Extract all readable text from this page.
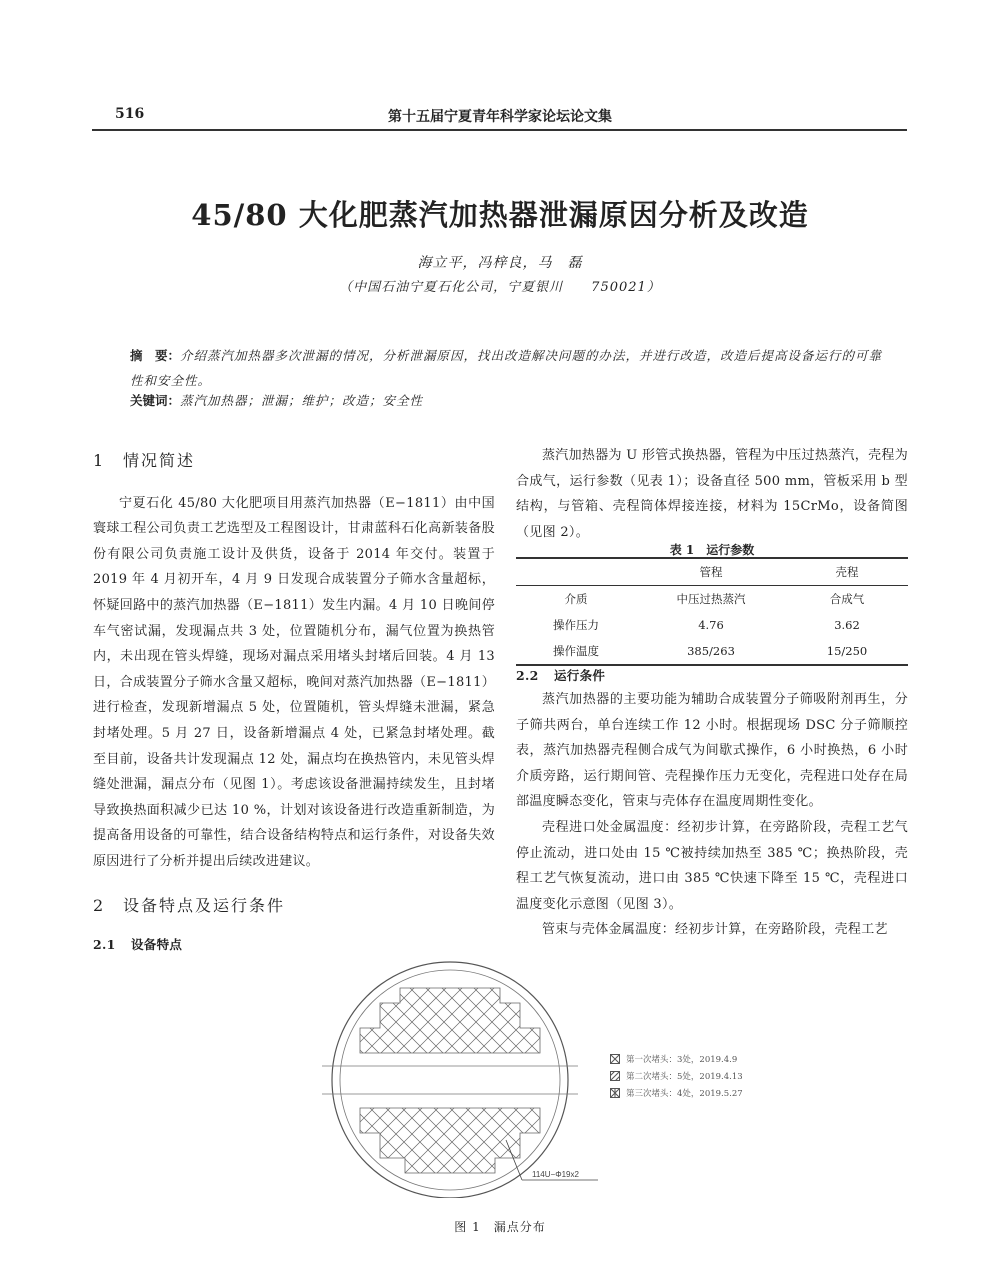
516	第十五届宁夏青年科学家论坛论文集
45/80 大化肥蒸汽加热器泄漏原因分析及改造
海立平，冯梓良，马　磊
（中国石油宁夏石化公司，宁夏银川　　750021）
摘　要：介绍蒸汽加热器多次泄漏的情况，分析泄漏原因，找出改造解决问题的办法，并进行改造，改造后提高设备运行的可靠性和安全性。
关键词：蒸汽加热器；泄漏；维护；改造；安全性
1 情况简述

宁夏石化 45/80 大化肥项目用蒸汽加热器（E−1811）由中国寰球工程公司负责工艺选型及工程图设计，甘肃蓝科石化高新装备股份有限公司负责施工设计及供货，设备于 2014 年交付。装置于 2019 年 4 月初开车，4 月 9 日发现合成装置分子筛水含量超标，怀疑回路中的蒸汽加热器（E−1811）发生内漏。4 月 10 日晚间停车气密试漏，发现漏点共 3 处，位置随机分布，漏气位置为换热管内，未出现在管头焊缝，现场对漏点采用堵头封堵后回装。4 月 13 日，合成装置分子筛水含量又超标，晚间对蒸汽加热器（E−1811）进行检查，发现新增漏点 5 处，位置随机，管头焊缝未泄漏，紧急封堵处理。5 月 27 日，设备新增漏点 4 处，已紧急封堵处理。截至目前，设备共计发现漏点 12 处，漏点均在换热管内，未见管头焊缝处泄漏，漏点分布（见图 1）。考虑该设备泄漏持续发生，且封堵导致换热面积减少已达 10 %，计划对该设备进行改造重新制造，为提高备用设备的可靠性，结合设备结构特点和运行条件，对设备失效原因进行了分析并提出后续改进建议。

2 设备特点及运行条件
2.1 设备特点

蒸汽加热器为 U 形管式换热器，管程为中压过热蒸汽，壳程为合成气，运行参数（见表 1）；设备直径 500 mm，管板采用 b 型结构，与管箱、壳程筒体焊接连接，材料为 15CrMo，设备简图（见图 2）。

表 1　运行参数
	管程	壳程
介质	中压过热蒸汽	合成气
操作压力	4.76	3.62
操作温度	385/263	15/250
2.2 运行条件

蒸汽加热器的主要功能为辅助合成装置分子筛吸附剂再生，分子筛共两台，单台连续工作 12 小时。根据现场 DSC 分子筛顺控表，蒸汽加热器壳程侧合成气为间歇式操作，6 小时换热，6 小时介质旁路，运行期间管、壳程操作压力无变化，壳程进口处存在局部温度瞬态变化，管束与壳体存在温度周期性变化。

壳程进口处金属温度：经初步计算，在旁路阶段，壳程工艺气停止流动，进口处由 15 ℃被持续加热至 385 ℃；换热阶段，壳程工艺气恢复流动，进口由 385 ℃快速下降至 15 ℃，壳程进口温度变化示意图（见图 3）。

管束与壳体金属温度：经初步计算，在旁路阶段，壳程工艺

114U−Φ19x2
第一次堵头：3处，2019.4.9
第二次堵头：5处，2019.4.13
第三次堵头：4处，2019.5.27
图 1　漏点分布
